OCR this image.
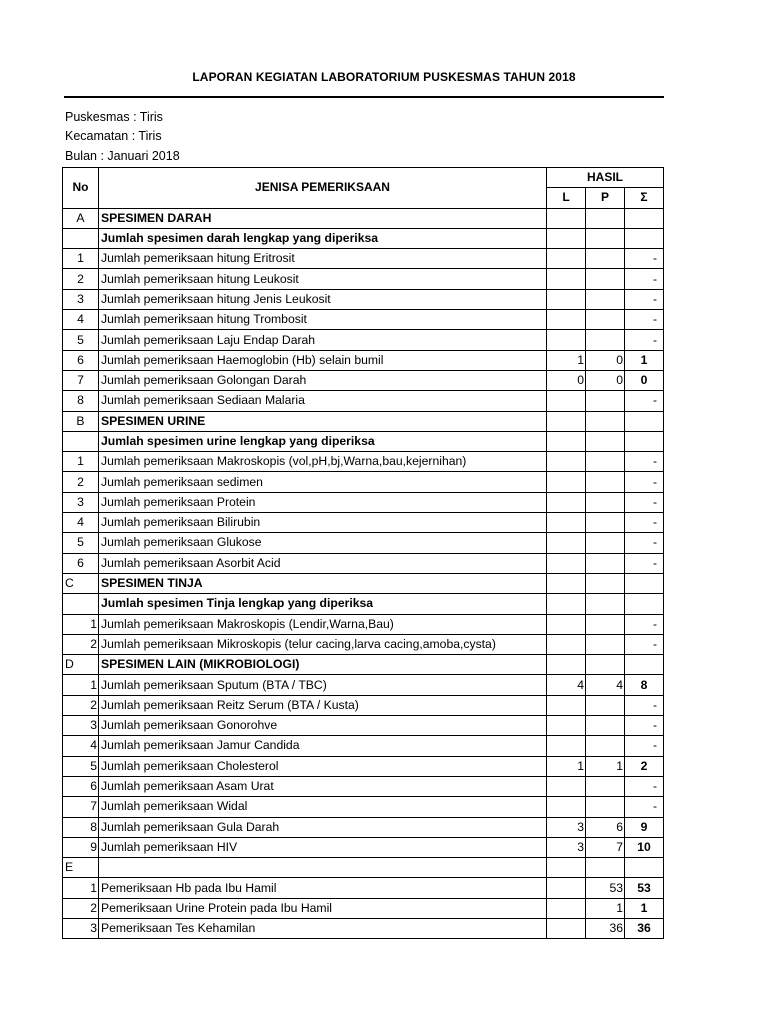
LAPORAN KEGIATAN LABORATORIUM PUSKESMAS TAHUN 2018
Puskesmas : Tiris
Kecamatan : Tiris
Bulan : Januari 2018
No	JENISA PEMERIKSAAN	HASIL		
		L	P	Σ
A	SPESIMEN DARAH			
	Jumlah spesimen darah lengkap yang diperiksa			
1	Jumlah pemeriksaan hitung Eritrosit			-
2	Jumlah pemeriksaan hitung Leukosit			-
3	Jumlah pemeriksaan hitung Jenis Leukosit			-
4	Jumlah pemeriksaan hitung Trombosit			-
5	Jumlah pemeriksaan Laju Endap Darah			-
6	Jumlah pemeriksaan Haemoglobin (Hb) selain bumil	1	0	1
7	Jumlah pemeriksaan Golongan Darah	0	0	0
8	Jumlah pemeriksaan Sediaan Malaria			-
B	SPESIMEN URINE			
	Jumlah spesimen urine lengkap yang diperiksa			
1	Jumlah pemeriksaan Makroskopis (vol,pH,bj,Warna,bau,kejernihan)			-
2	Jumlah pemeriksaan sedimen			-
3	Jumlah pemeriksaan Protein			-
4	Jumlah pemeriksaan Bilirubin			-
5	Jumlah pemeriksaan Glukose			-
6	Jumlah pemeriksaan Asorbit Acid			-
C	SPESIMEN TINJA			
	Jumlah spesimen Tinja lengkap yang diperiksa			
1	Jumlah pemeriksaan Makroskopis (Lendir,Warna,Bau)			-
2	Jumlah pemeriksaan Mikroskopis (telur cacing,larva cacing,amoba,cysta)			-
D	SPESIMEN LAIN (MIKROBIOLOGI)			
1	Jumlah pemeriksaan Sputum (BTA / TBC)	4	4	8
2	Jumlah pemeriksaan Reitz Serum (BTA / Kusta)			-
3	Jumlah pemeriksaan Gonorohve			-
4	Jumlah pemeriksaan Jamur Candida			-
5	Jumlah pemeriksaan Cholesterol	1	1	2
6	Jumlah pemeriksaan Asam Urat			-
7	Jumlah pemeriksaan Widal			-
8	Jumlah pemeriksaan Gula Darah	3	6	9
9	Jumlah pemeriksaan HIV	3	7	10
E				
1	Pemeriksaan Hb pada Ibu Hamil		53	53
2	Pemeriksaan Urine Protein pada Ibu Hamil		1	1
3	Pemeriksaan Tes Kehamilan		36	36
